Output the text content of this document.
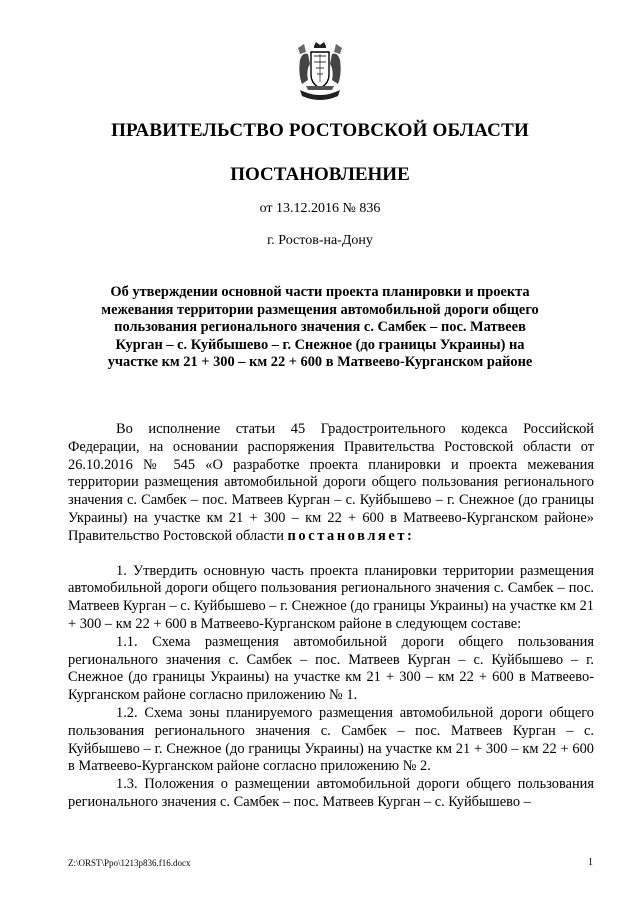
ПРАВИТЕЛЬСТВО РОСТОВСКОЙ ОБЛАСТИ
ПОСТАНОВЛЕНИЕ
от 13.12.2016 № 836
г. Ростов-на-Дону
Об утверждении основной части проекта планировки и проекта межевания территории размещения автомобильной дороги общего пользования регионального значения с. Самбек – пос. Матвеев Курган – с. Куйбышево – г. Снежное (до границы Украины) на участке км 21 + 300 – км 22 + 600 в Матвеево-Курганском районе

Во исполнение статьи 45 Градостроительного кодекса Российской Федерации, на основании распоряжения Правительства Ростовской области от 26.10.2016 № 545 «О разработке проекта планировки и проекта межевания территории размещения автомобильной дороги общего пользования регионального значения с. Самбек – пос. Матвеев Курган – с. Куйбышево – г. Снежное (до границы Украины) на участке км 21 + 300 – км 22 + 600 в Матвеево-Курганском районе» Правительство Ростовской области постановляет:

1. Утвердить основную часть проекта планировки территории размещения автомобильной дороги общего пользования регионального значения с. Самбек – пос. Матвеев Курган – с. Куйбышево – г. Снежное (до границы Украины) на участке км 21 + 300 – км 22 + 600 в Матвеево-Курганском районе в следующем составе:

1.1. Схема размещения автомобильной дороги общего пользования регионального значения с. Самбек – пос. Матвеев Курган – с. Куйбышево – г. Снежное (до границы Украины) на участке км 21 + 300 – км 22 + 600 в Матвеево-Курганском районе согласно приложению № 1.

1.2. Схема зоны планируемого размещения автомобильной дороги общего пользования регионального значения с. Самбек – пос. Матвеев Курган – с. Куйбышево – г. Снежное (до границы Украины) на участке км 21 + 300 – км 22 + 600 в Матвеево-Курганском районе согласно приложению № 2.

1.3. Положения о размещении автомобильной дороги общего пользования регионального значения с. Самбек – пос. Матвеев Курган – с. Куйбышево –

Z:\ORST\Ppo\1213p836.f16.docx	1
